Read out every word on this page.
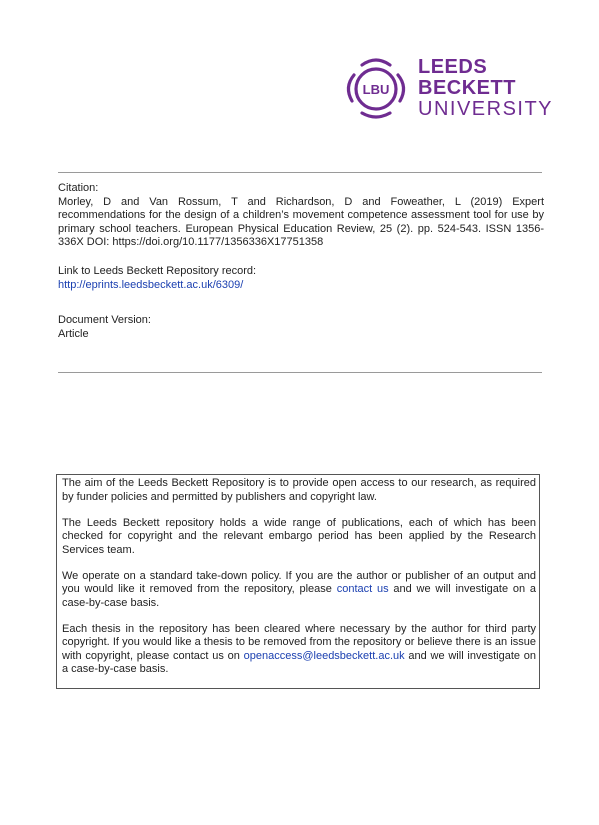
LBU
LEEDS
BECKETT
UNIVERSITY

Citation:

Morley, D and Van Rossum, T and Richardson, D and Foweather, L (2019) Expert recommendations for the design of a children’s movement competence assessment tool for use by primary school teachers. European Physical Education Review, 25 (2). pp. 524-543. ISSN 1356-336X DOI: https://doi.org/10.1177/1356336X17751358

Link to Leeds Beckett Repository record:

http://eprints.leedsbeckett.ac.uk/6309/

Document Version:

Article

The aim of the Leeds Beckett Repository is to provide open access to our research, as required by funder policies and permitted by publishers and copyright law.

The Leeds Beckett repository holds a wide range of publications, each of which has been checked for copyright and the relevant embargo period has been applied by the Research Services team.

We operate on a standard take-down policy. If you are the author or publisher of an output and you would like it removed from the repository, please contact us and we will investigate on a case-by-case basis.

Each thesis in the repository has been cleared where necessary by the author for third party copyright. If you would like a thesis to be removed from the repository or believe there is an issue with copyright, please contact us on openaccess@leedsbeckett.ac.uk and we will investigate on a case-by-case basis.
